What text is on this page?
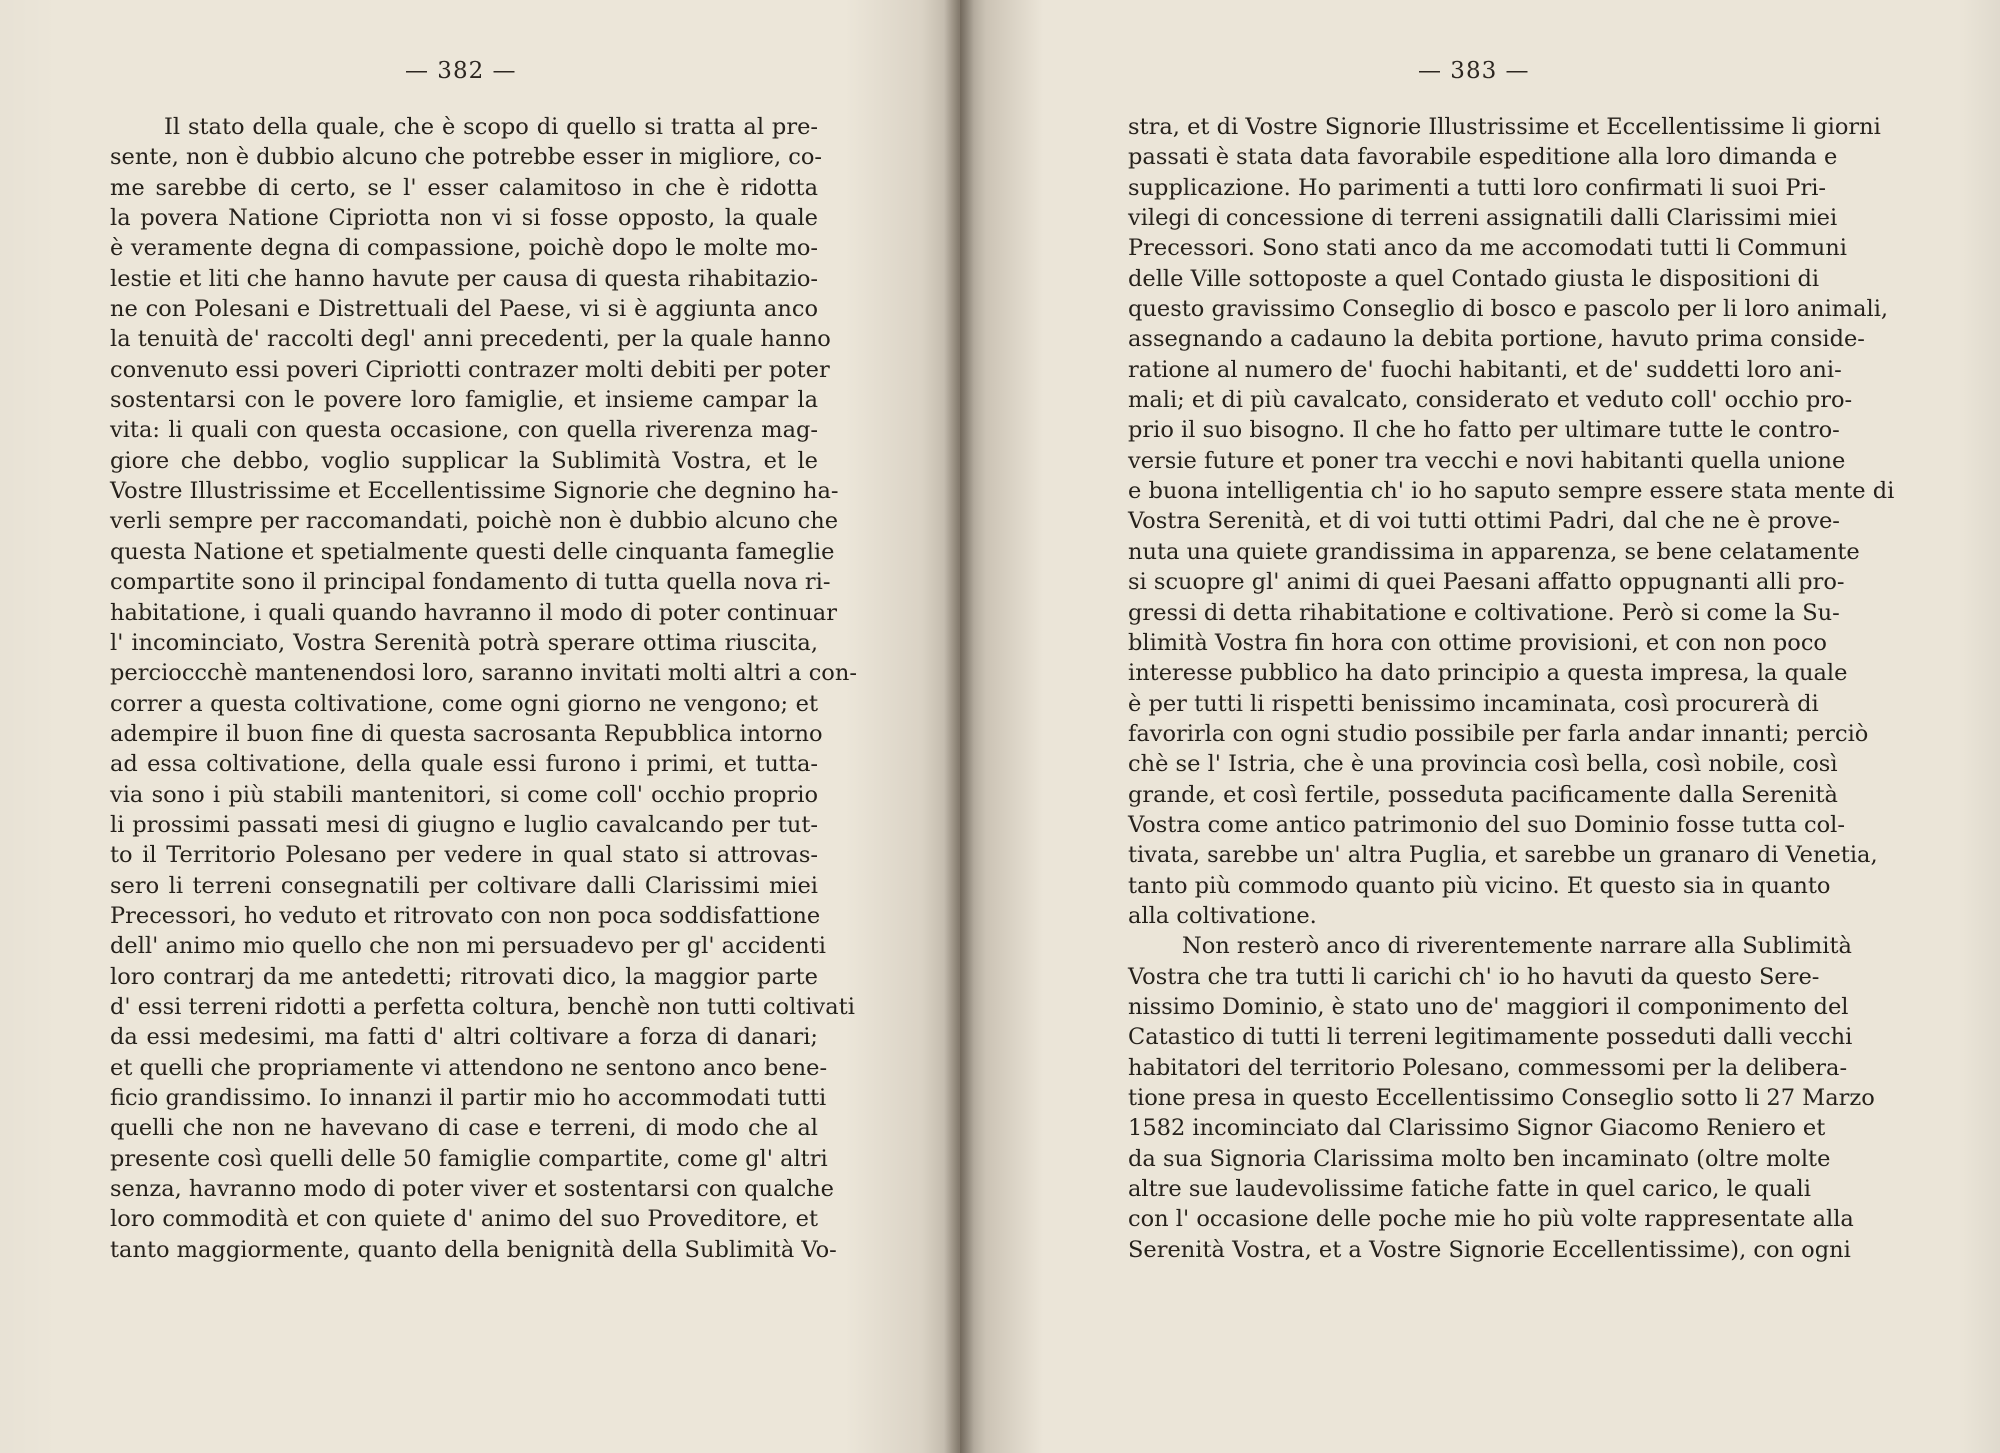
— 382 —
Il stato della quale, che è scopo di quello si tratta al pre-
sente, non è dubbio alcuno che potrebbe esser in migliore, co-
me sarebbe di certo, se l' esser calamitoso in che è ridotta
la povera Natione Cipriotta non vi si fosse opposto, la quale
è veramente degna di compassione, poichè dopo le molte mo-
lestie et liti che hanno havute per causa di questa rihabitazio-
ne con Polesani e Distrettuali del Paese, vi si è aggiunta anco
la tenuità de' raccolti degl' anni precedenti, per la quale hanno
convenuto essi poveri Cipriotti contrazer molti debiti per poter
sostentarsi con le povere loro famiglie, et insieme campar la
vita: li quali con questa occasione, con quella riverenza mag-
giore che debbo, voglio supplicar la Sublimità Vostra, et le
Vostre Illustrissime et Eccellentissime Signorie che degnino ha-
verli sempre per raccomandati, poichè non è dubbio alcuno che
questa Natione et spetialmente questi delle cinquanta fameglie
compartite sono il principal fondamento di tutta quella nova ri-
habitatione, i quali quando havranno il modo di poter continuar
l' incominciato, Vostra Serenità potrà sperare ottima riuscita,
percioccchè mantenendosi loro, saranno invitati molti altri a con-
correr a questa coltivatione, come ogni giorno ne vengono; et
adempire il buon fine di questa sacrosanta Repubblica intorno
ad essa coltivatione, della quale essi furono i primi, et tutta-
via sono i più stabili mantenitori, si come coll' occhio proprio
li prossimi passati mesi di giugno e luglio cavalcando per tut-
to il Territorio Polesano per vedere in qual stato si attrovas-
sero li terreni consegnatili per coltivare dalli Clarissimi miei
Precessori, ho veduto et ritrovato con non poca soddisfattione
dell' animo mio quello che non mi persuadevo per gl' accidenti
loro contrarj da me antedetti; ritrovati dico, la maggior parte
d' essi terreni ridotti a perfetta coltura, benchè non tutti coltivati
da essi medesimi, ma fatti d' altri coltivare a forza di danari;
et quelli che propriamente vi attendono ne sentono anco bene-
ficio grandissimo. Io innanzi il partir mio ho accommodati tutti
quelli che non ne havevano di case e terreni, di modo che al
presente così quelli delle 50 famiglie compartite, come gl' altri
senza, havranno modo di poter viver et sostentarsi con qualche
loro commodità et con quiete d' animo del suo Proveditore, et
tanto maggiormente, quanto della benignità della Sublimità Vo-
— 383 —
stra, et di Vostre Signorie Illustrissime et Eccellentissime li giorni
passati è stata data favorabile espeditione alla loro dimanda e
supplicazione. Ho parimenti a tutti loro confirmati li suoi Pri-
vilegi di concessione di terreni assignatili dalli Clarissimi miei
Precessori. Sono stati anco da me accomodati tutti li Communi
delle Ville sottoposte a quel Contado giusta le dispositioni di
questo gravissimo Conseglio di bosco e pascolo per li loro animali,
assegnando a cadauno la debita portione, havuto prima conside-
ratione al numero de' fuochi habitanti, et de' suddetti loro ani-
mali; et di più cavalcato, considerato et veduto coll' occhio pro-
prio il suo bisogno. Il che ho fatto per ultimare tutte le contro-
versie future et poner tra vecchi e novi habitanti quella unione
e buona intelligentia ch' io ho saputo sempre essere stata mente di
Vostra Serenità, et di voi tutti ottimi Padri, dal che ne è prove-
nuta una quiete grandissima in apparenza, se bene celatamente
si scuopre gl' animi di quei Paesani affatto oppugnanti alli pro-
gressi di detta rihabitatione e coltivatione. Però si come la Su-
blimità Vostra fin hora con ottime provisioni, et con non poco
interesse pubblico ha dato principio a questa impresa, la quale
è per tutti li rispetti benissimo incaminata, così procurerà di
favorirla con ogni studio possibile per farla andar innanti; perciò
chè se l' Istria, che è una provincia così bella, così nobile, così
grande, et così fertile, posseduta pacificamente dalla Serenità
Vostra come antico patrimonio del suo Dominio fosse tutta col-
tivata, sarebbe un' altra Puglia, et sarebbe un granaro di Venetia,
tanto più commodo quanto più vicino. Et questo sia in quanto
alla coltivatione.
Non resterò anco di riverentemente narrare alla Sublimità
Vostra che tra tutti li carichi ch' io ho havuti da questo Sere-
nissimo Dominio, è stato uno de' maggiori il componimento del
Catastico di tutti li terreni legitimamente posseduti dalli vecchi
habitatori del territorio Polesano, commessomi per la delibera-
tione presa in questo Eccellentissimo Conseglio sotto li 27 Marzo
1582 incominciato dal Clarissimo Signor Giacomo Reniero et
da sua Signoria Clarissima molto ben incaminato (oltre molte
altre sue laudevolissime fatiche fatte in quel carico, le quali
con l' occasione delle poche mie ho più volte rappresentate alla
Serenità Vostra, et a Vostre Signorie Eccellentissime), con ogni
